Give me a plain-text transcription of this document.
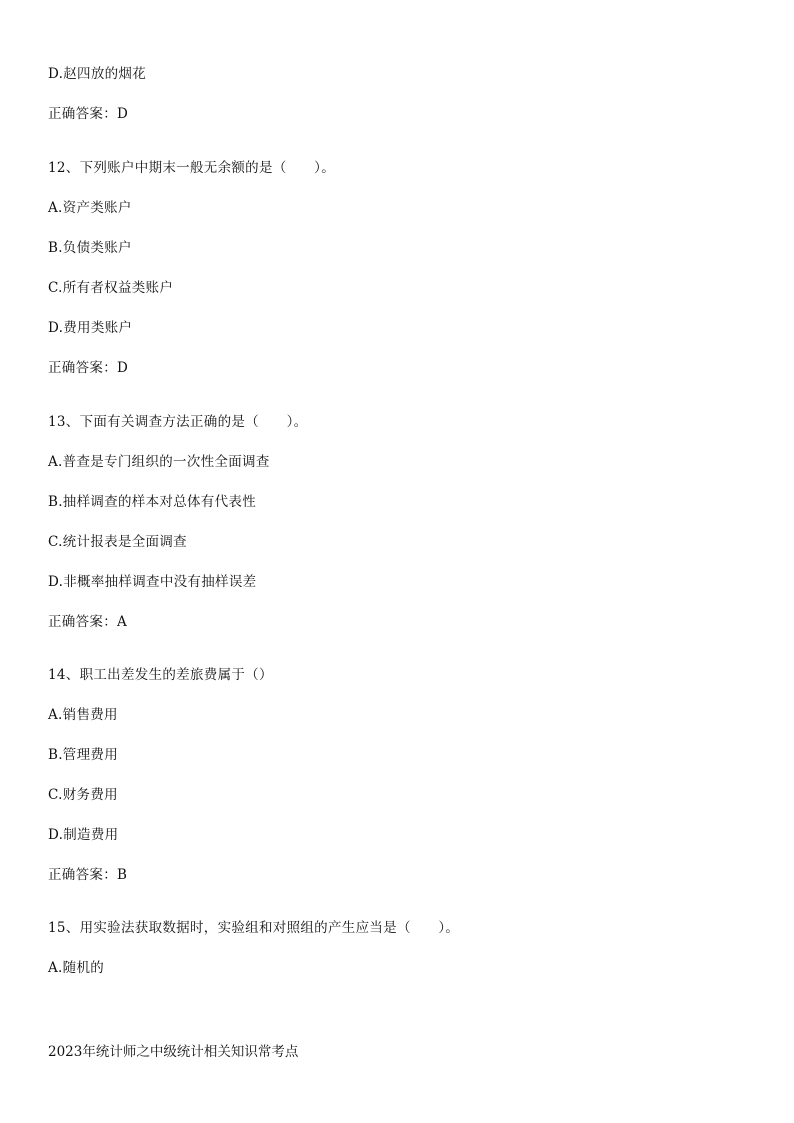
D.赵四放的烟花
正确答案：D
12、下列账户中期末一般无余额的是（　　）。
A.资产类账户
B.负债类账户
C.所有者权益类账户
D.费用类账户
正确答案：D
13、下面有关调查方法正确的是（　　）。
A.普查是专门组织的一次性全面调查
B.抽样调查的样本对总体有代表性
C.统计报表是全面调查
D.非概率抽样调查中没有抽样误差
正确答案：A
14、职工出差发生的差旅费属于（）
A.销售费用
B.管理费用
C.财务费用
D.制造费用
正确答案：B
15、用实验法获取数据时，实验组和对照组的产生应当是（　　）。
A.随机的
2023年统计师之中级统计相关知识常考点
